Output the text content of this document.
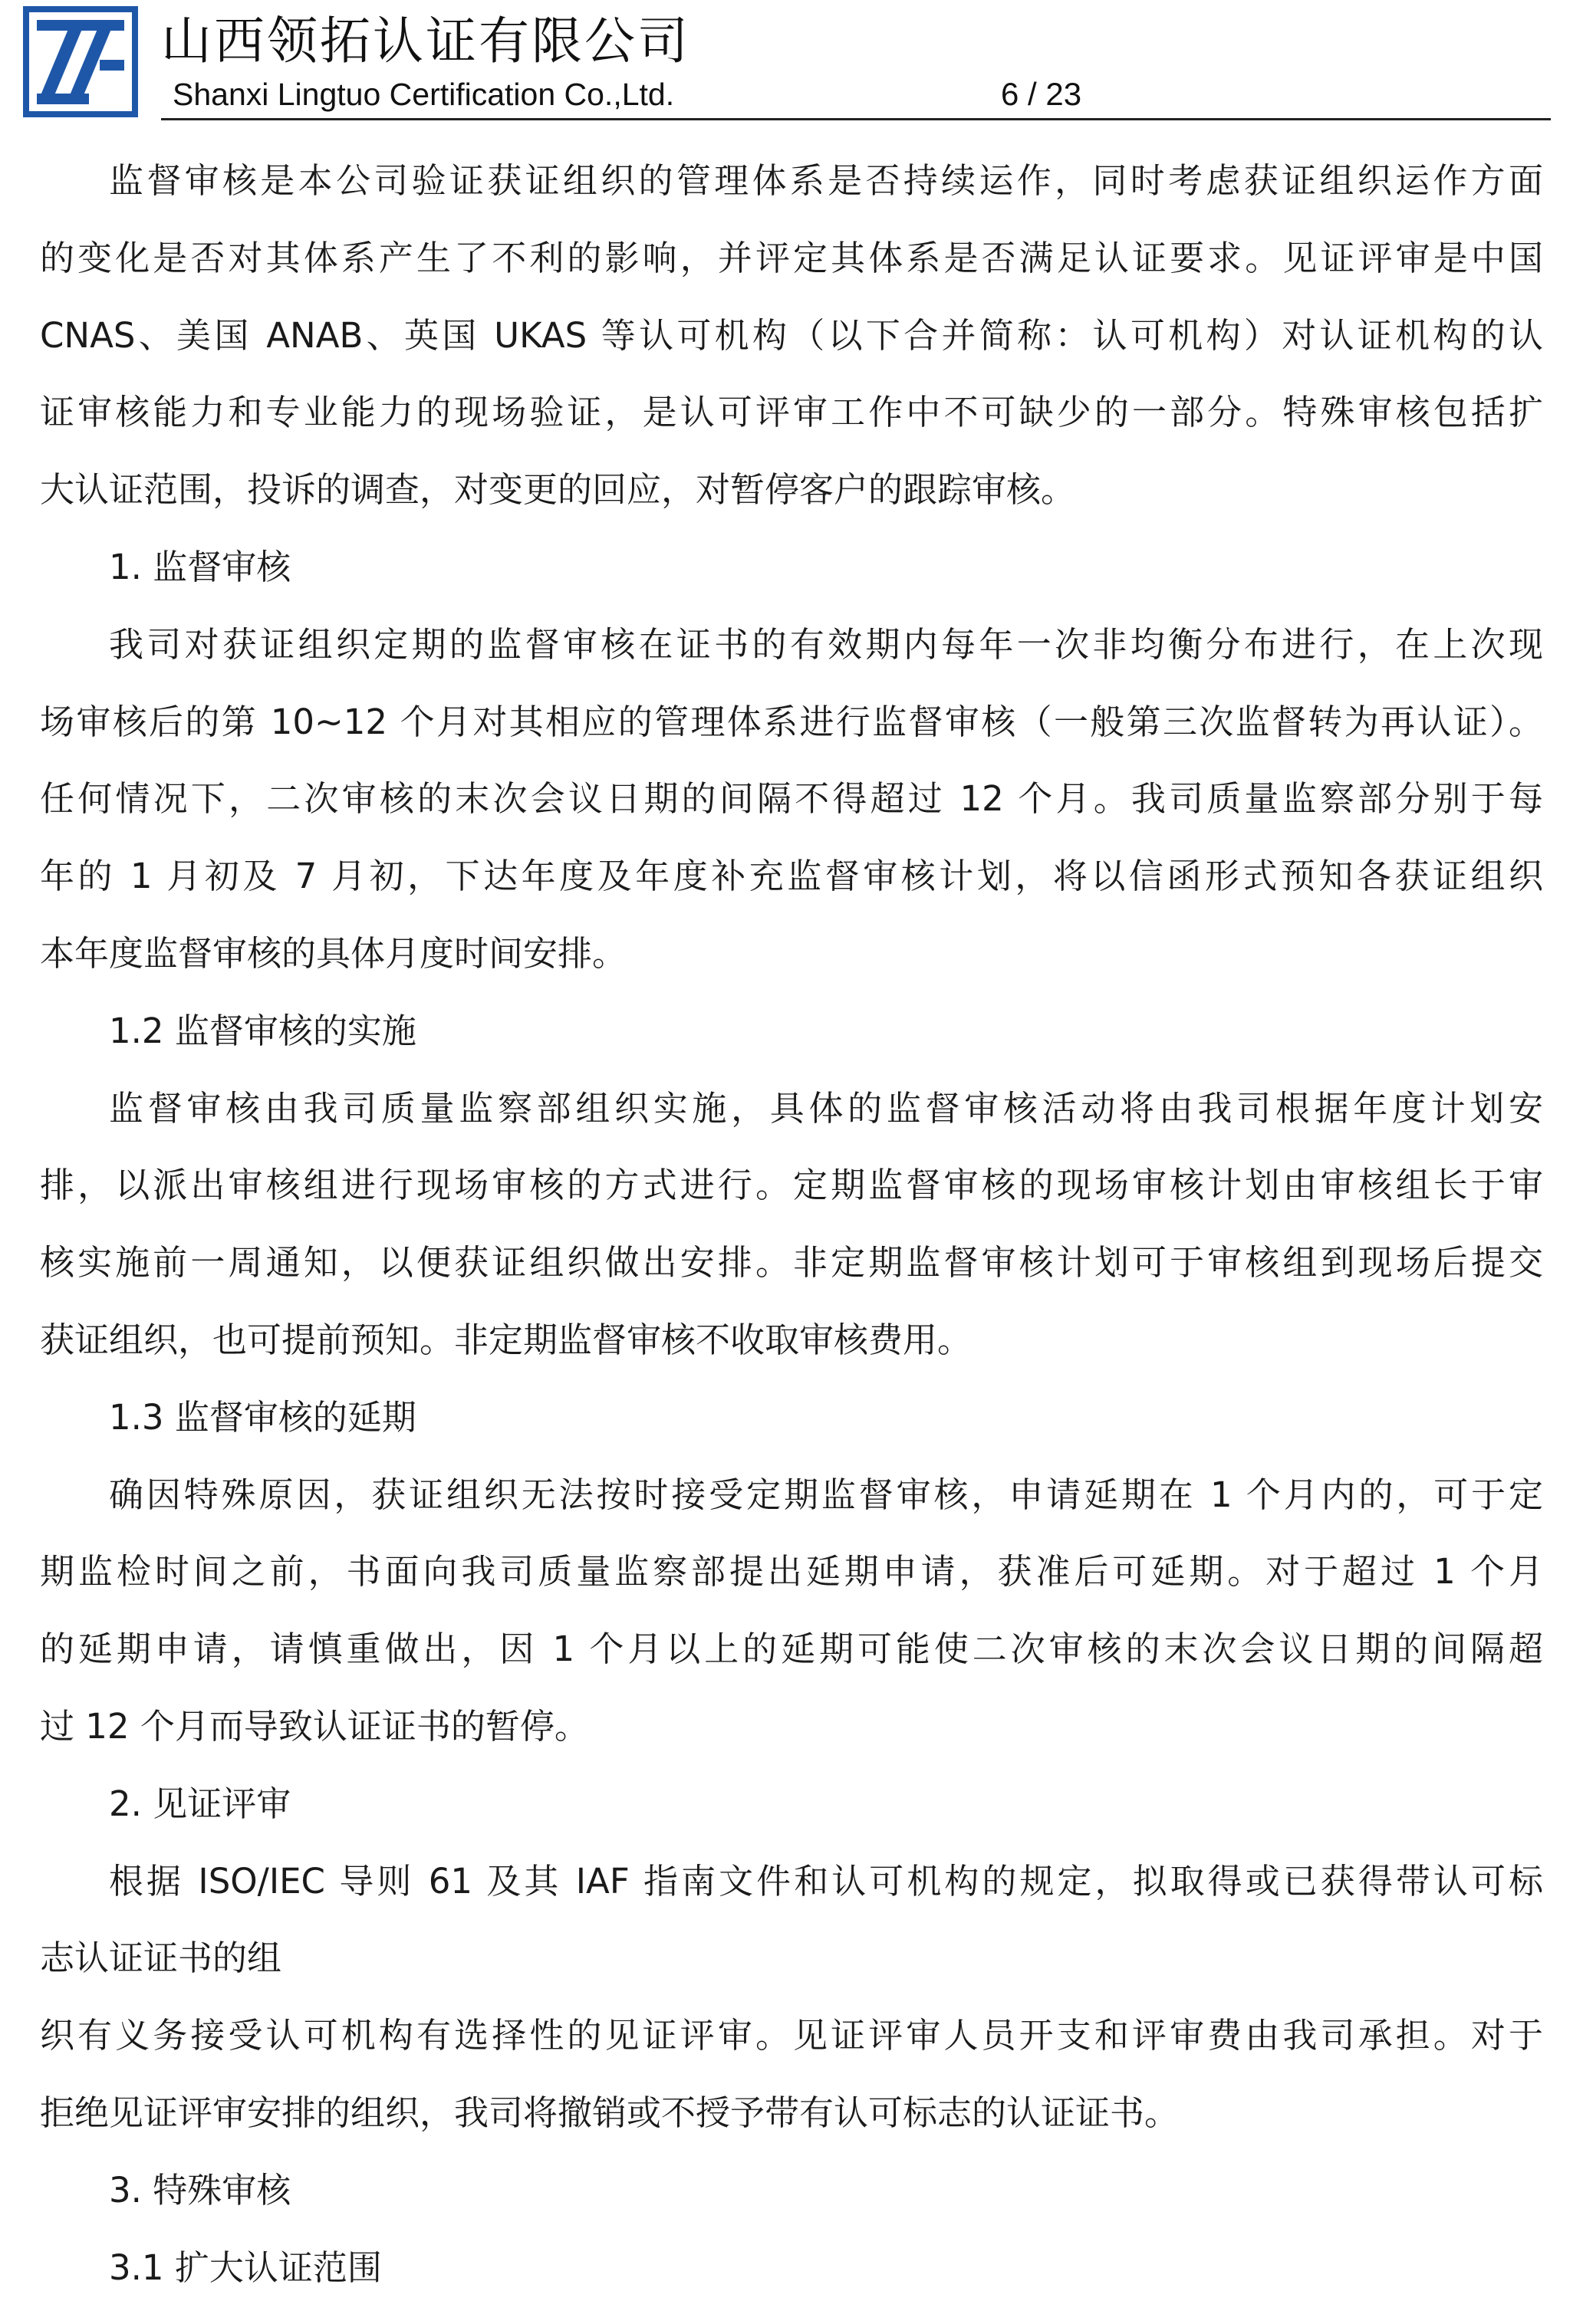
山西领拓认证有限公司
Shanxi Lingtuo Certification Co.,Ltd.	6 / 23
监督审核是本公司验证获证组织的管理体系是否持续运作，同时考虑获证组织运作方面
的变化是否对其体系产生了不利的影响，并评定其体系是否满足认证要求。见证评审是中国
CNAS、美国 ANAB、英国 UKAS 等认可机构（以下合并简称：认可机构）对认证机构的认
证审核能力和专业能力的现场验证，是认可评审工作中不可缺少的一部分。特殊审核包括扩
大认证范围，投诉的调查，对变更的回应，对暂停客户的跟踪审核。
1. 监督审核
我司对获证组织定期的监督审核在证书的有效期内每年一次非均衡分布进行，在上次现
场审核后的第 10~12 个月对其相应的管理体系进行监督审核（一般第三次监督转为再认证）。
任何情况下，二次审核的末次会议日期的间隔不得超过 12 个月。我司质量监察部分别于每
年的 1 月初及 7 月初，下达年度及年度补充监督审核计划，将以信函形式预知各获证组织
本年度监督审核的具体月度时间安排。
1.2 监督审核的实施
监督审核由我司质量监察部组织实施，具体的监督审核活动将由我司根据年度计划安
排，以派出审核组进行现场审核的方式进行。定期监督审核的现场审核计划由审核组长于审
核实施前一周通知，以便获证组织做出安排。非定期监督审核计划可于审核组到现场后提交
获证组织，也可提前预知。非定期监督审核不收取审核费用。
1.3 监督审核的延期
确因特殊原因，获证组织无法按时接受定期监督审核，申请延期在 1 个月内的，可于定
期监检时间之前，书面向我司质量监察部提出延期申请，获准后可延期。对于超过 1 个月
的延期申请，请慎重做出，因 1 个月以上的延期可能使二次审核的末次会议日期的间隔超
过 12 个月而导致认证证书的暂停。
2. 见证评审
根据 ISO/IEC 导则 61 及其 IAF 指南文件和认可机构的规定，拟取得或已获得带认可标
志认证证书的组
织有义务接受认可机构有选择性的见证评审。见证评审人员开支和评审费由我司承担。对于
拒绝见证评审安排的组织，我司将撤销或不授予带有认可标志的认证证书。
3. 特殊审核
3.1 扩大认证范围
